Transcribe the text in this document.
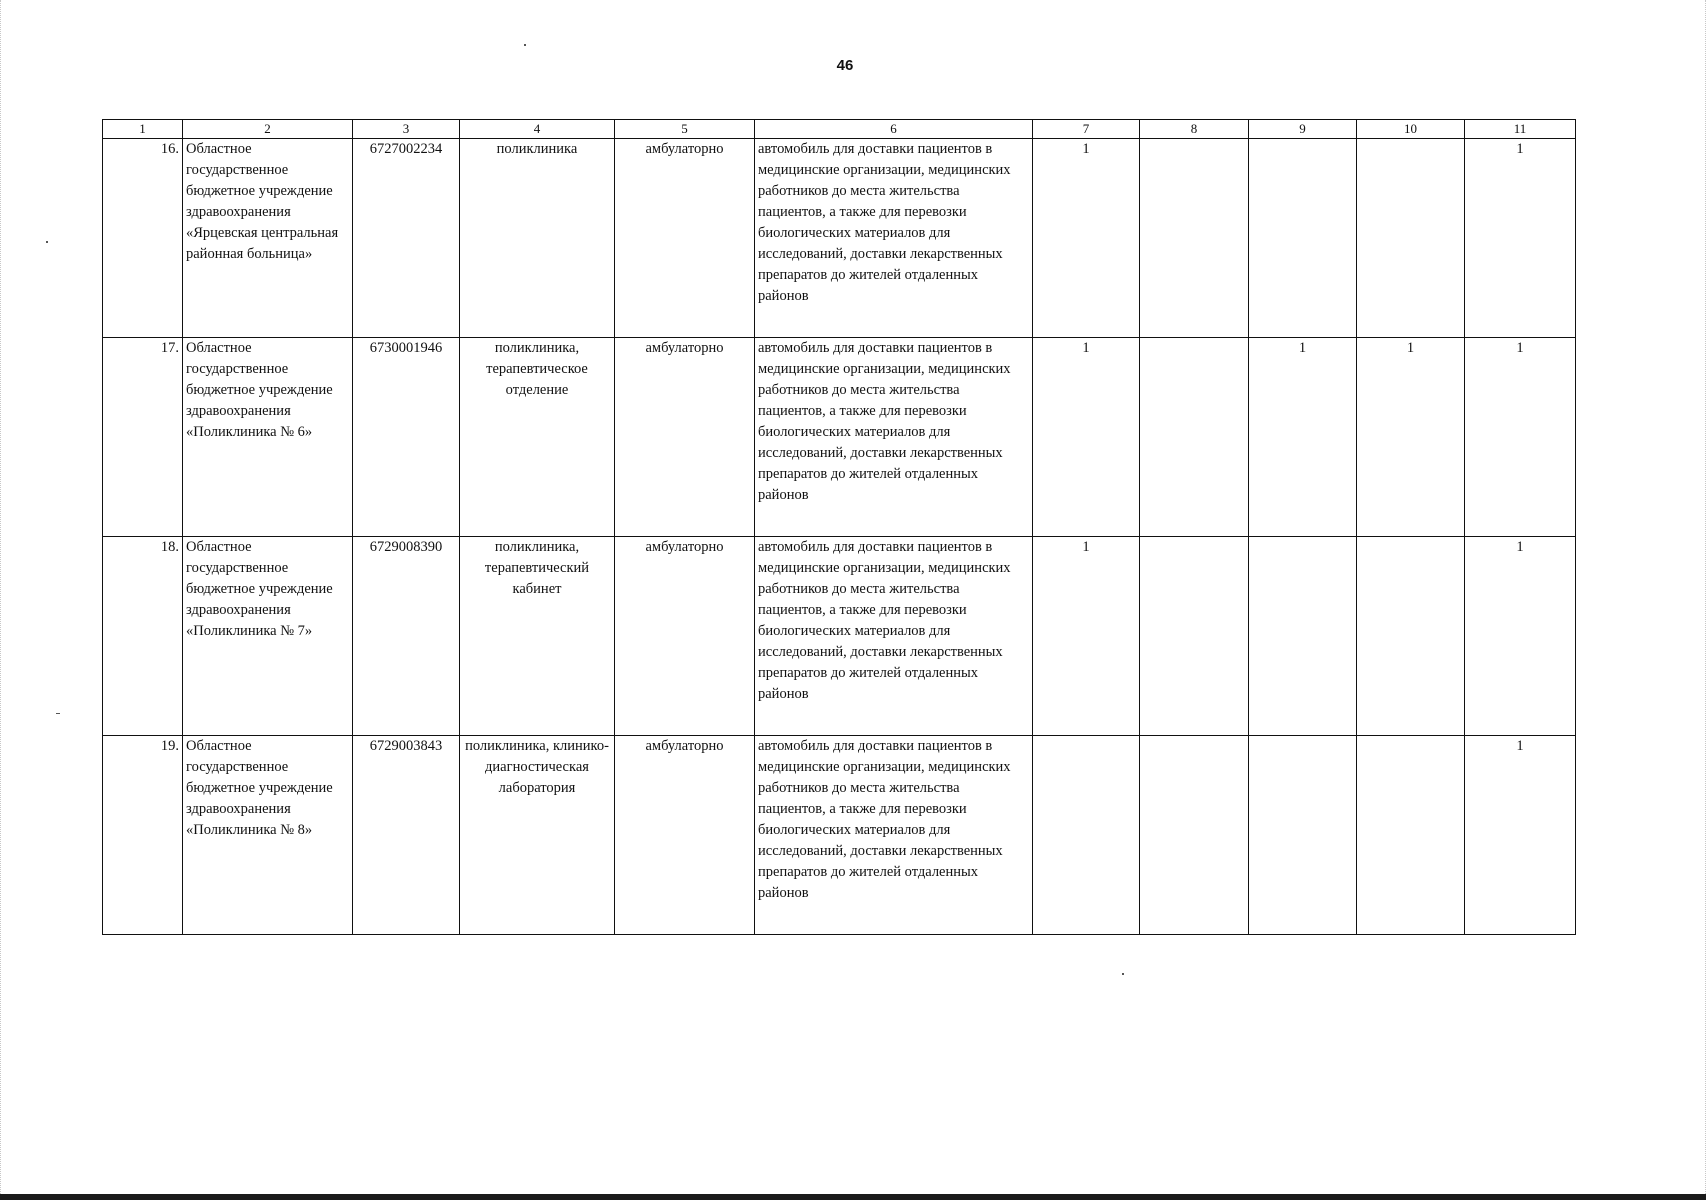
46
1	2	3	4	5	6	7	8	9	10	11
16.	Областное государственное бюджетное учреждение здравоохранения «Ярцевская центральная районная больница»	6727002234	поликлиника	амбулаторно	автомобиль для доставки пациентов в медицинские организации, медицинских работников до места жительства пациентов, а также для перевозки биологических материалов для исследований, доставки лекарственных препаратов до жителей отдаленных районов	1				1
17.	Областное государственное бюджетное учреждение здравоохранения «Поликлиника № 6»	6730001946	поликлиника, терапевтическое отделение	амбулаторно	автомобиль для доставки пациентов в медицинские организации, медицинских работников до места жительства пациентов, а также для перевозки биологических материалов для исследований, доставки лекарственных препаратов до жителей отдаленных районов	1		1	1	1
18.	Областное государственное бюджетное учреждение здравоохранения «Поликлиника № 7»	6729008390	поликлиника, терапевтический кабинет	амбулаторно	автомобиль для доставки пациентов в медицинские организации, медицинских работников до места жительства пациентов, а также для перевозки биологических материалов для исследований, доставки лекарственных препаратов до жителей отдаленных районов	1				1
19.	Областное государственное бюджетное учреждение здравоохранения «Поликлиника № 8»	6729003843	поликлиника, клинико-диагностическая лаборатория	амбулаторно	автомобиль для доставки пациентов в медицинские организации, медицинских работников до места жительства пациентов, а также для перевозки биологических материалов для исследований, доставки лекарственных препаратов до жителей отдаленных районов					1
